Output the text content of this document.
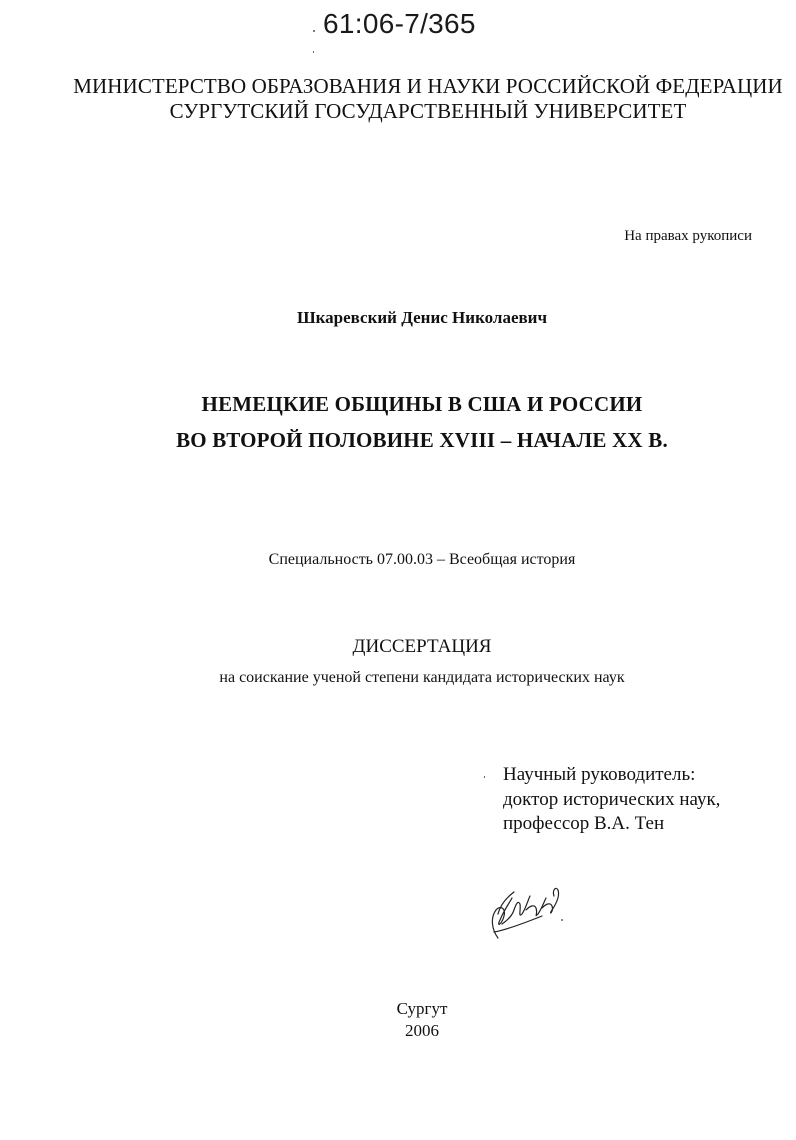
61:06-7/365
МИНИСТЕРСТВО ОБРАЗОВАНИЯ И НАУКИ РОССИЙСКОЙ ФЕДЕРАЦИИ
СУРГУТСКИЙ ГОСУДАРСТВЕННЫЙ УНИВЕРСИТЕТ
На правах рукописи
Шкаревский Денис Николаевич
НЕМЕЦКИЕ ОБЩИНЫ В США И РОССИИ
ВО ВТОРОЙ ПОЛОВИНЕ XVIII – НАЧАЛЕ XX В.
Специальность 07.00.03 – Всеобщая история
ДИССЕРТАЦИЯ
на соискание ученой степени кандидата исторических наук
Научный руководитель:
доктор исторических наук,
профессор В.А. Тен
Сургут
2006
